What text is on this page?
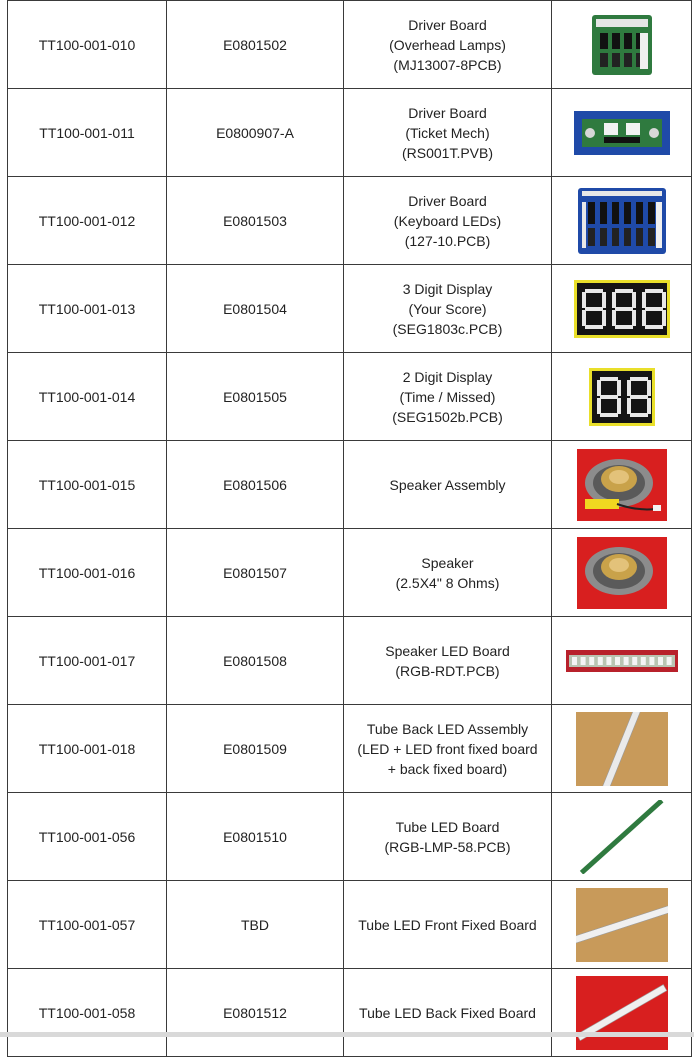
TT100-001-010	E0801502	Driver Board
(Overhead Lamps)
(MJ13007-8PCB)

TT100-001-011	E0800907-A	Driver Board
(Ticket Mech)
(RS001T.PVB)

TT100-001-012	E0801503	Driver Board
(Keyboard LEDs)
(127-10.PCB)

TT100-001-013	E0801504	3 Digit Display
(Your Score)
(SEG1803c.PCB)

TT100-001-014	E0801505	2 Digit Display
(Time / Missed)
(SEG1502b.PCB)

TT100-001-015	E0801506	Speaker Assembly

TT100-001-016	E0801507	Speaker
(2.5X4" 8 Ohms)

TT100-001-017	E0801508	Speaker LED Board
(RGB-RDT.PCB)

TT100-001-018	E0801509	Tube Back LED Assembly
(LED + LED front fixed board
+ back fixed board)

TT100-001-056	E0801510	Tube LED Board
(RGB-LMP-58.PCB)

TT100-001-057	TBD	Tube LED Front Fixed Board

TT100-001-058	E0801512	Tube LED Back Fixed Board
